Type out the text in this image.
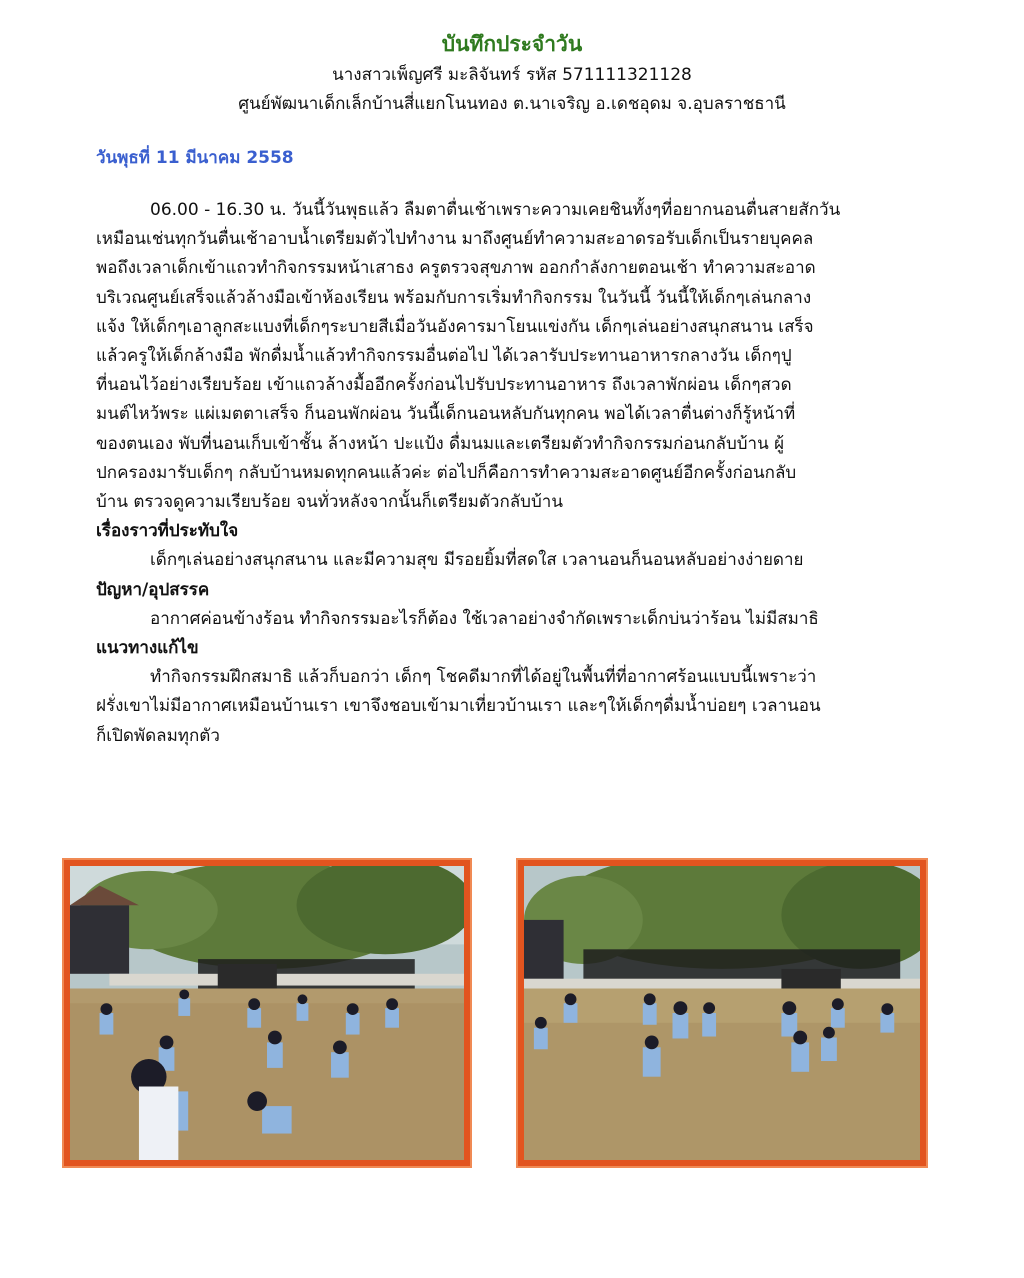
บันทึกประจำวัน
นางสาวเพ็ญศรี มะลิจันทร์ รหัส 571111321128
ศูนย์พัฒนาเด็กเล็กบ้านสี่แยกโนนทอง ต.นาเจริญ อ.เดชอุดม จ.อุบลราชธานี
วันพุธที่ 11 มีนาคม 2558

06.00 - 16.30 น. วันนี้วันพุธแล้ว ลืมตาตื่นเช้าเพราะความเคยชินทั้งๆที่อยากนอนตื่นสายสักวัน

เหมือนเช่นทุกวันตื่นเช้าอาบน้ำเตรียมตัวไปทำงาน มาถึงศูนย์ทำความสะอาดรอรับเด็กเป็นรายบุคคล

พอถึงเวลาเด็กเข้าแถวทำกิจกรรมหน้าเสาธง ครูตรวจสุขภาพ ออกกำลังกายตอนเช้า ทำความสะอาด

บริเวณศูนย์เสร็จแล้วล้างมือเข้าห้องเรียน พร้อมกับการเริ่มทำกิจกรรม ในวันนี้ วันนี้ให้เด็กๆเล่นกลาง

แจ้ง ให้เด็กๆเอาลูกสะแบงที่เด็กๆระบายสีเมื่อวันอังคารมาโยนแข่งกัน เด็กๆเล่นอย่างสนุกสนาน เสร็จ

แล้วครูให้เด็กล้างมือ พักดื่มน้ำแล้วทำกิจกรรมอื่นต่อไป ได้เวลารับประทานอาหารกลางวัน เด็กๆปู

ที่นอนไว้อย่างเรียบร้อย เข้าแถวล้างมื้ออีกครั้งก่อนไปรับประทานอาหาร ถึงเวลาพักผ่อน เด็กๆสวด

มนต์ไหว้พระ แผ่เมตตาเสร็จ ก็นอนพักผ่อน วันนี้เด็กนอนหลับกันทุกคน พอได้เวลาตื่นต่างก็รู้หน้าที่

ของตนเอง พับที่นอนเก็บเข้าชั้น ล้างหน้า ปะแป้ง ดื่มนมและเตรียมตัวทำกิจกรรมก่อนกลับบ้าน ผู้

ปกครองมารับเด็กๆ กลับบ้านหมดทุกคนแล้วค่ะ ต่อไปก็คือการทำความสะอาดศูนย์อีกครั้งก่อนกลับ

บ้าน ตรวจดูความเรียบร้อย จนทั่วหลังจากนั้นก็เตรียมตัวกลับบ้าน

เรื่องราวที่ประทับใจ

เด็กๆเล่นอย่างสนุกสนาน และมีความสุข มีรอยยิ้มที่สดใส เวลานอนก็นอนหลับอย่างง่ายดาย

ปัญหา/อุปสรรค

อากาศค่อนข้างร้อน ทำกิจกรรมอะไรก็ต้อง ใช้เวลาอย่างจำกัดเพราะเด็กบ่นว่าร้อน ไม่มีสมาธิ

แนวทางแก้ไข

ทำกิจกรรมฝึกสมาธิ แล้วก็บอกว่า เด็กๆ โชคดีมากที่ได้อยู่ในพื้นที่ที่อากาศร้อนแบบนี้เพราะว่า

ฝรั่งเขาไม่มีอากาศเหมือนบ้านเรา เขาจึงชอบเข้ามาเที่ยวบ้านเรา และๆให้เด็กๆดื่มน้ำบ่อยๆ เวลานอน

ก็เปิดพัดลมทุกตัว
